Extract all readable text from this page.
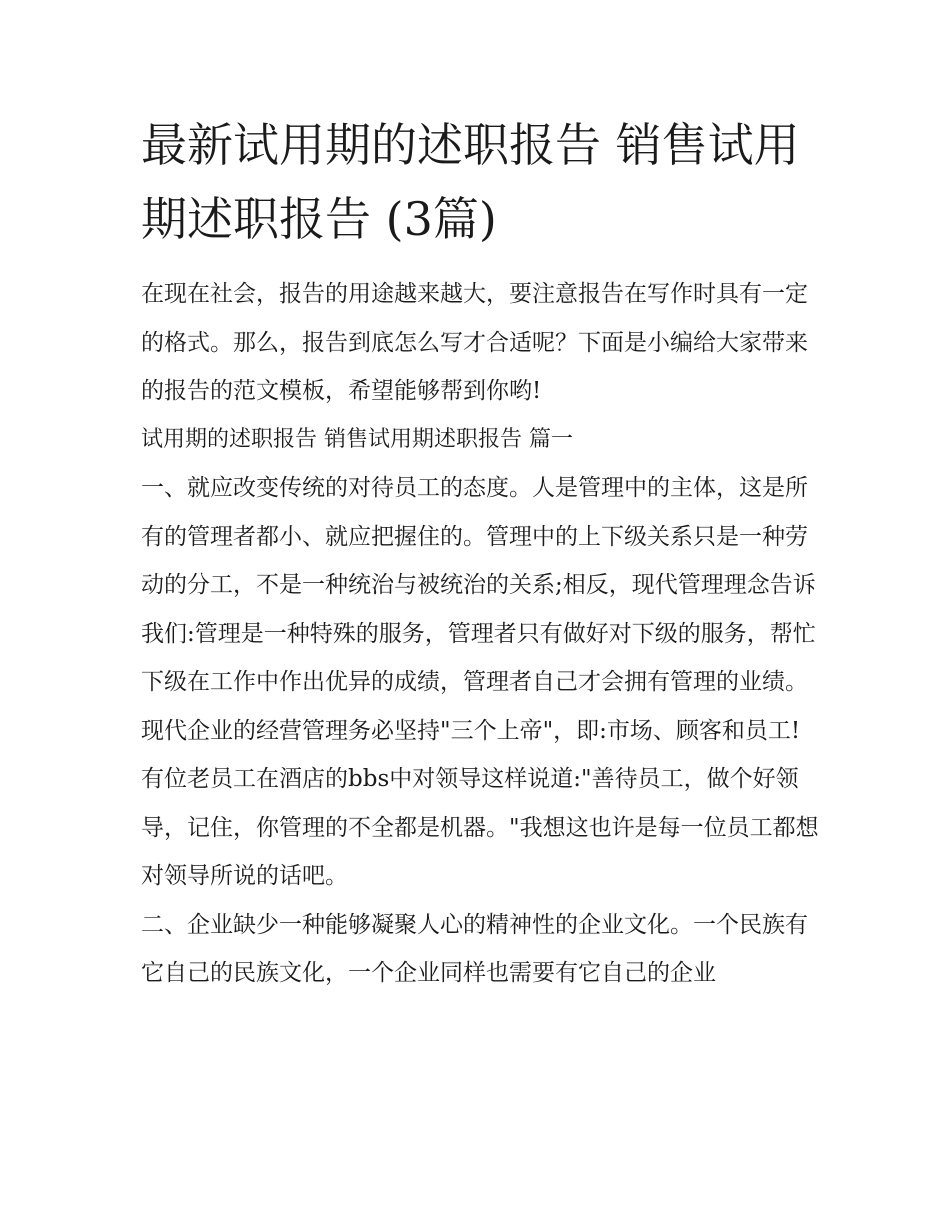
最新试用期的述职报告 销售试用期述职报告 (3篇)

在现在社会，报告的用途越来越大，要注意报告在写作时具有一定的格式。那么，报告到底怎么写才合适呢？下面是小编给大家带来的报告的范文模板，希望能够帮到你哟!

试用期的述职报告 销售试用期述职报告 篇一

一、就应改变传统的对待员工的态度。人是管理中的主体，这是所有的管理者都小、就应把握住的。管理中的上下级关系只是一种劳动的分工，不是一种统治与被统治的关系;相反，现代管理理念告诉我们:管理是一种特殊的服务，管理者只有做好对下级的服务，帮忙下级在工作中作出优异的成绩，管理者自己才会拥有管理的业绩。现代企业的经营管理务必坚持"三个上帝"，即:市场、顾客和员工!有位老员工在酒店的bbs中对领导这样说道:"善待员工，做个好领导，记住，你管理的不全都是机器。"我想这也许是每一位员工都想对领导所说的话吧。

二、企业缺少一种能够凝聚人心的精神性的企业文化。一个民族有它自己的民族文化，一个企业同样也需要有它自己的企业
